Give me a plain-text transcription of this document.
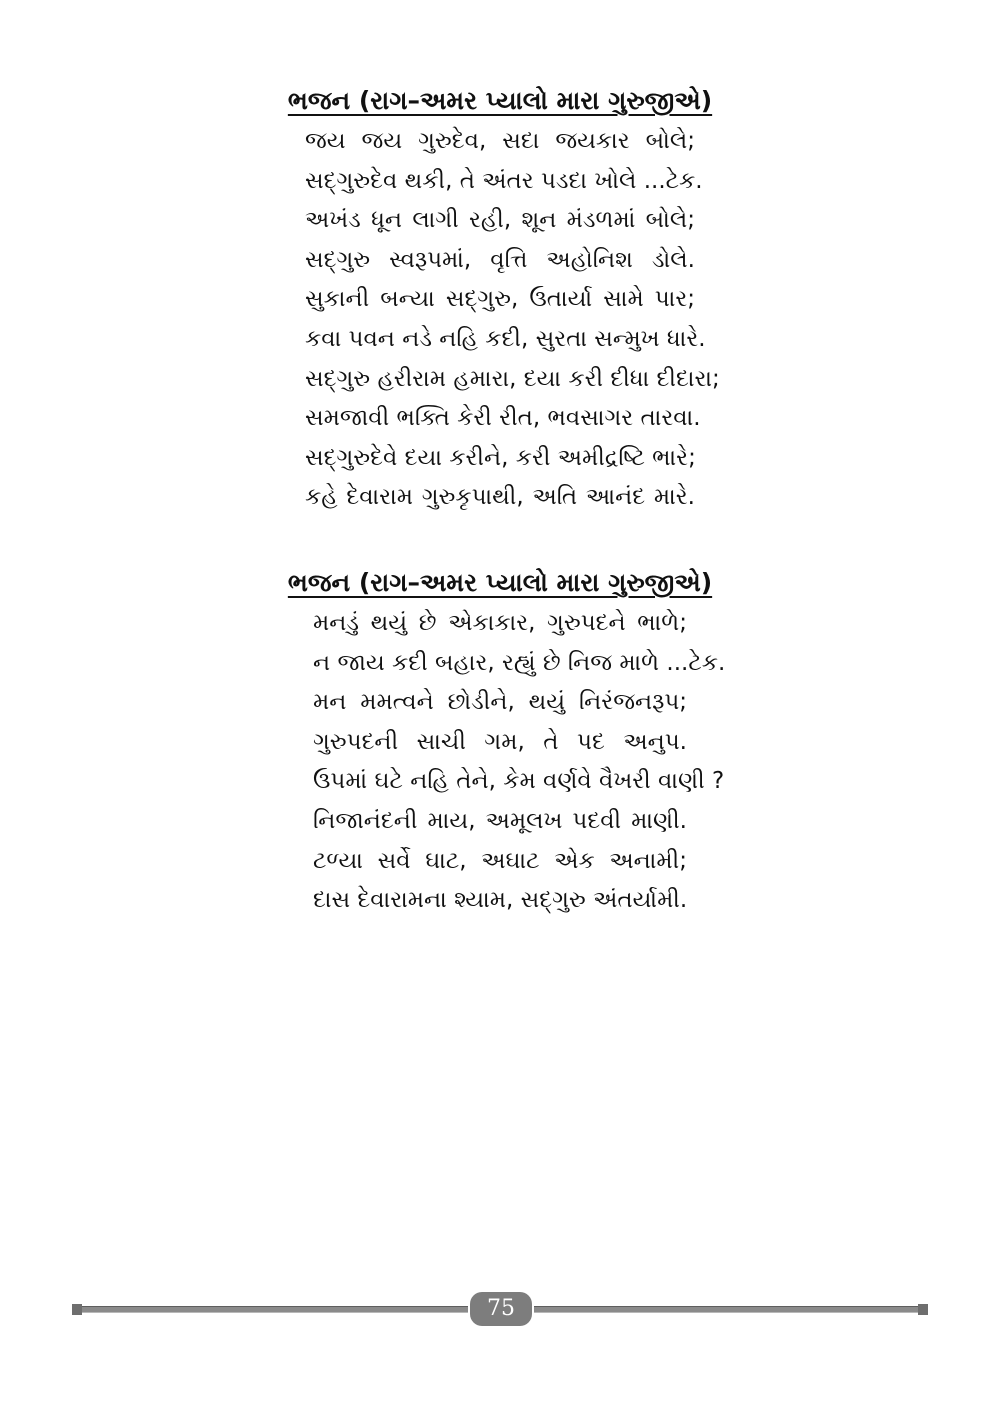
ભજન (રાગ–અમર પ્યાલો મારા ગુરુજીએ)
જય જય ગુરુદેવ, સદા જયકાર બોલે;
સદ્‌ગુરુદેવ થકી, તે અંતર પડદા ખોલે ...ટેક.
અખંડ ધૂન લાગી રહી, શૂન મંડળમાં બોલે;
સદ્‌ગુરુ સ્વરૂપમાં, વૃત્તિ અહોનિશ ડોલે.
સુકાની બન્યા સદ્‌ગુરુ, ઉતાર્યા સામે પાર;
કવા પવન નડે નહિ કદી, સુરતા સન્મુખ ધારે.
સદ્‌ગુરુ હરીરામ હમારા, દયા કરી દીધા દીદારા;
સમજાવી ભક્તિ કેરી રીત, ભવસાગર તારવા.
સદ્‌ગુરુદેવે દયા કરીને, કરી અમીદ્રષ્ટિ ભારે;
કહે દેવારામ ગુરુકૃપાથી, અતિ આનંદ મારે.
ભજન (રાગ–અમર પ્યાલો મારા ગુરુજીએ)
મનડું થયું છે એકાકાર, ગુરુપદને ભાળે;
ન જાય કદી બહાર, રહ્યું છે નિજ માળે ...ટેક.
મન મમત્વને છોડીને, થયું નિરંજનરૂપ;
ગુરુપદની સાચી ગમ, તે પદ અનુપ.
ઉપમાં ઘટે નહિ તેને, કેમ વર્ણવે વૈખરી વાણી ?
નિજાનંદની માય, અમૂલખ પદવી માણી.
ટળ્યા સર્વે ઘાટ, અઘાટ એક અનામી;
દાસ દેવારામના શ્યામ, સદ્‌ગુરુ અંતર્યામી.
75
